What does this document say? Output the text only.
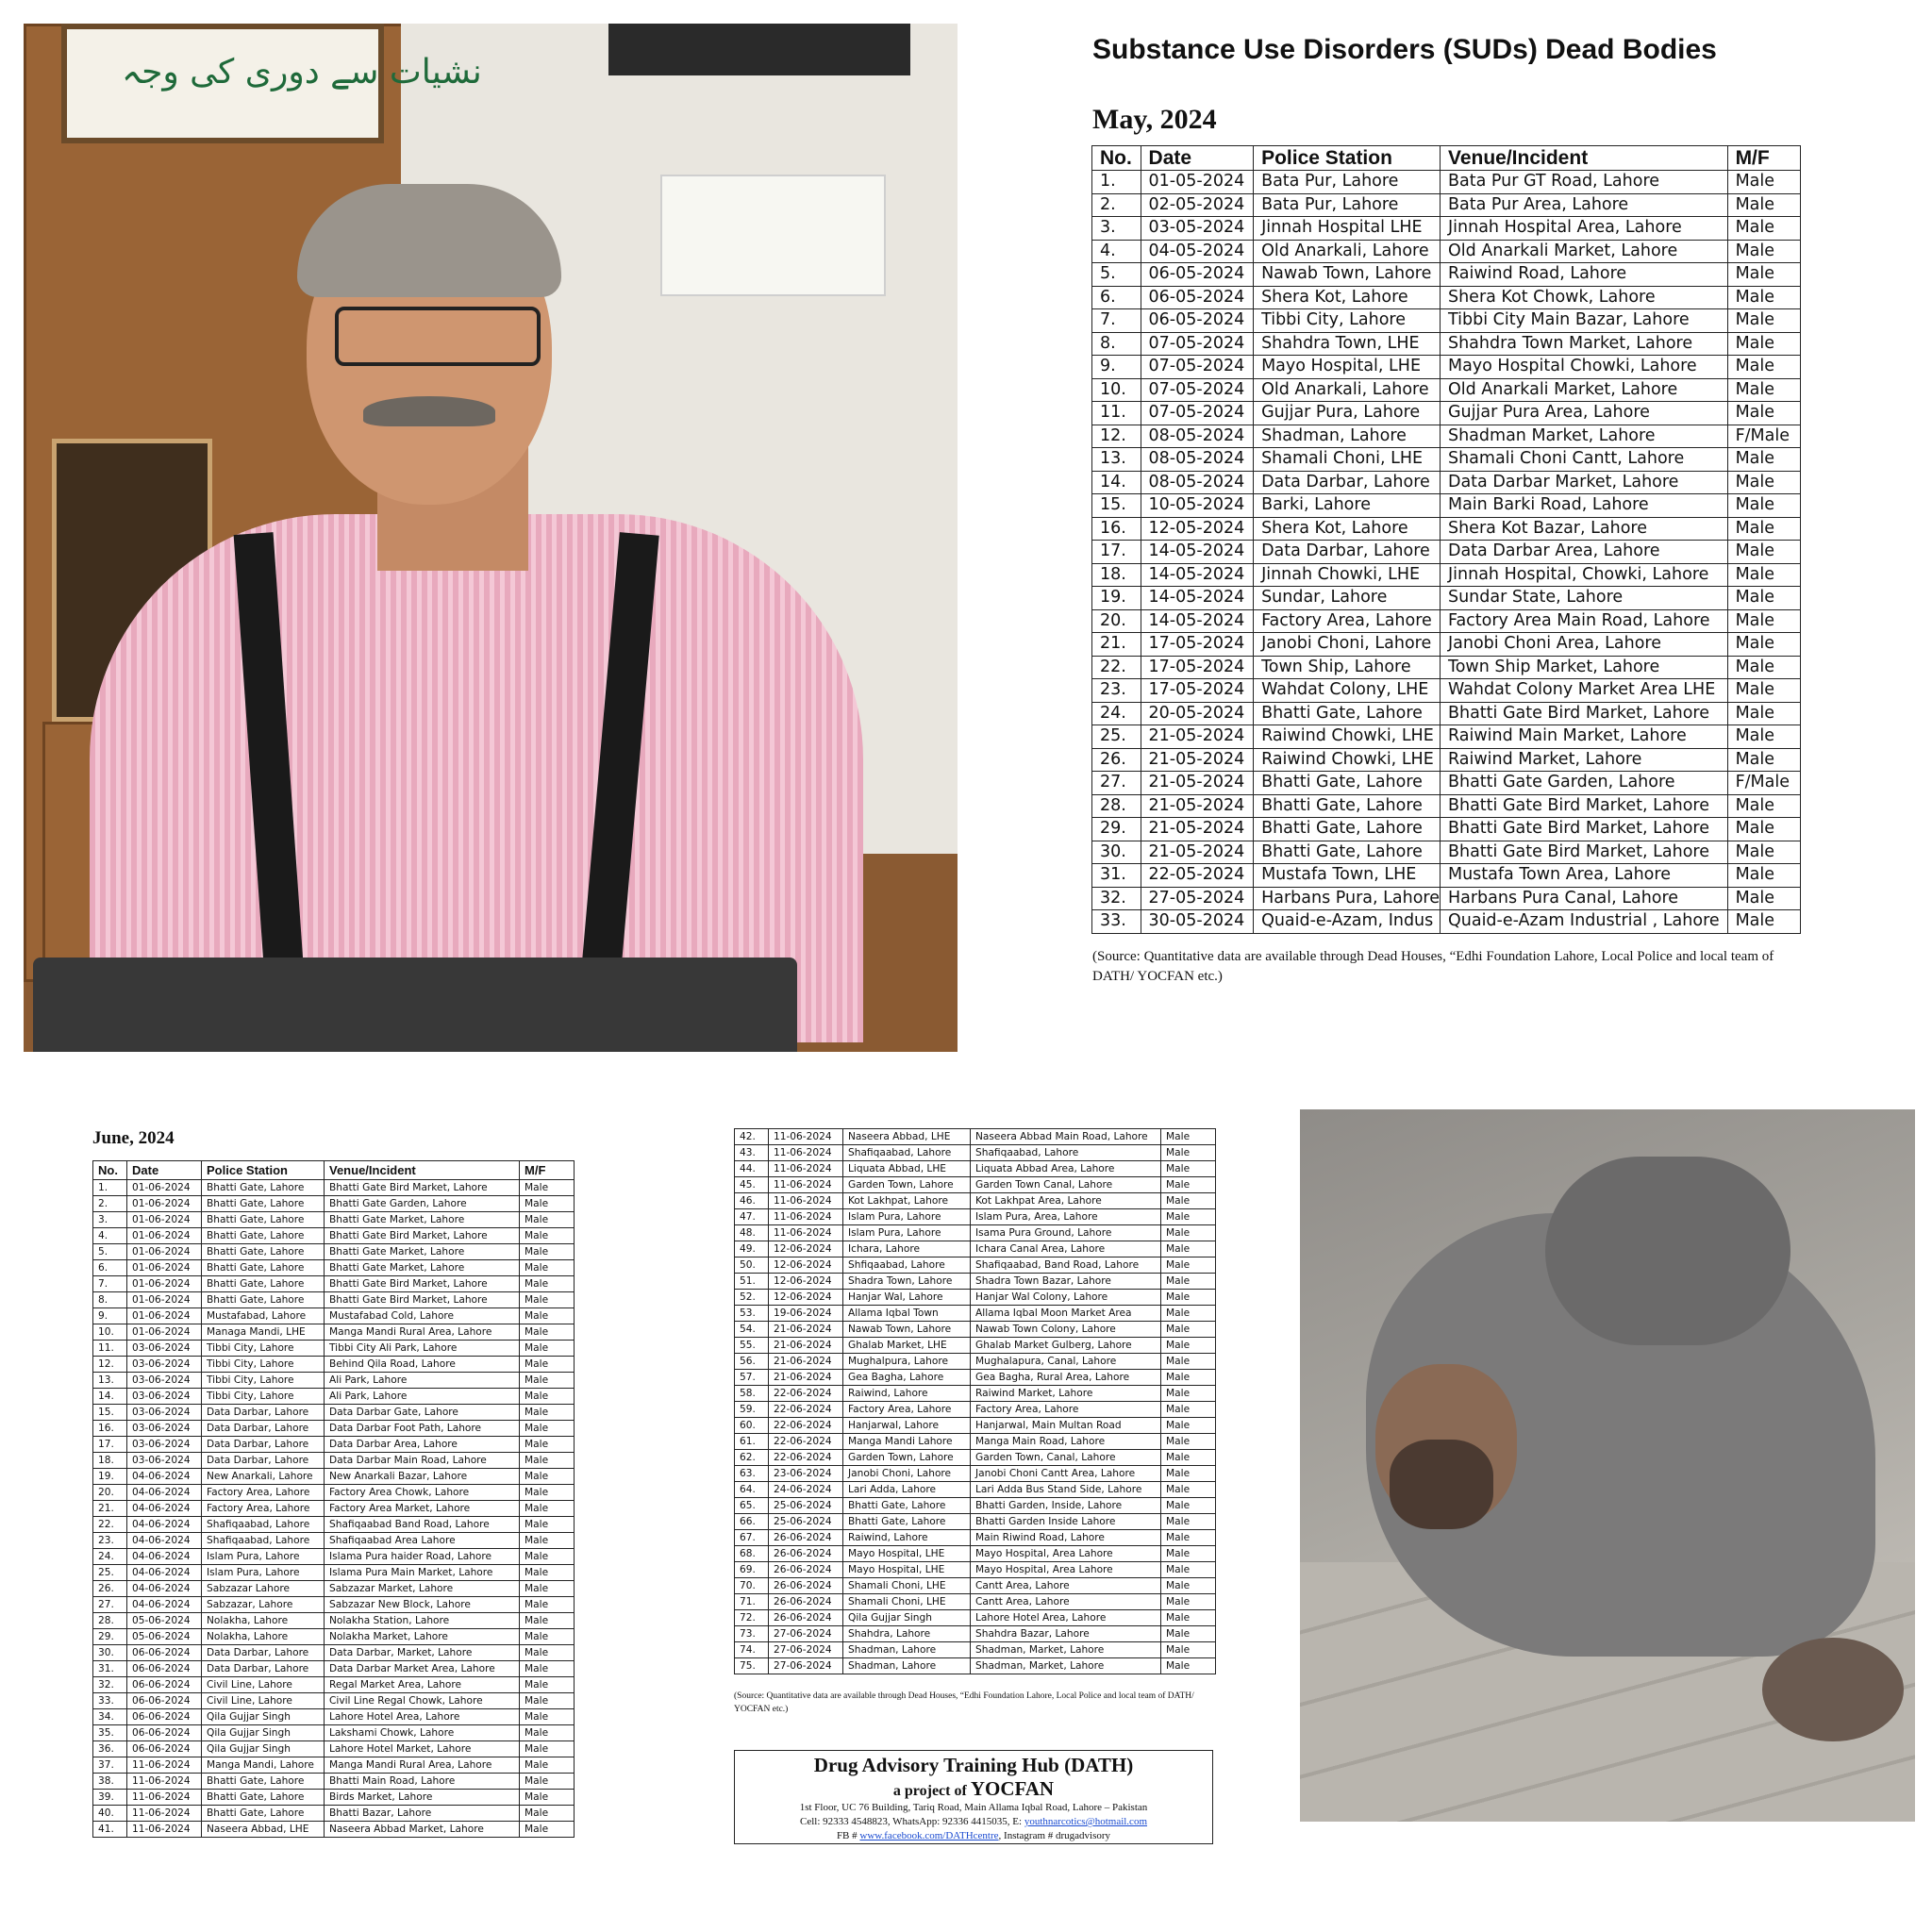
نشیات سے دوری کی وجہ
Substance Use Disorders (SUDs) Dead Bodies
May, 2024
No.	Date	Police Station	Venue/Incident	M/F
1.	01-05-2024	Bata Pur, Lahore	Bata Pur GT Road, Lahore	Male
2.	02-05-2024	Bata Pur, Lahore	Bata Pur Area, Lahore	Male
3.	03-05-2024	Jinnah Hospital LHE	Jinnah Hospital Area, Lahore	Male
4.	04-05-2024	Old Anarkali, Lahore	Old Anarkali Market, Lahore	Male
5.	06-05-2024	Nawab Town, Lahore	Raiwind Road, Lahore	Male
6.	06-05-2024	Shera Kot, Lahore	Shera Kot Chowk, Lahore	Male
7.	06-05-2024	Tibbi City, Lahore	Tibbi City Main Bazar, Lahore	Male
8.	07-05-2024	Shahdra Town, LHE	Shahdra Town Market, Lahore	Male
9.	07-05-2024	Mayo Hospital, LHE	Mayo Hospital Chowki, Lahore	Male
10.	07-05-2024	Old Anarkali, Lahore	Old Anarkali Market, Lahore	Male
11.	07-05-2024	Gujjar Pura, Lahore	Gujjar Pura Area, Lahore	Male
12.	08-05-2024	Shadman, Lahore	Shadman Market, Lahore	F/Male
13.	08-05-2024	Shamali Choni, LHE	Shamali Choni Cantt, Lahore	Male
14.	08-05-2024	Data Darbar, Lahore	Data Darbar Market, Lahore	Male
15.	10-05-2024	Barki, Lahore	Main Barki Road, Lahore	Male
16.	12-05-2024	Shera Kot, Lahore	Shera Kot Bazar, Lahore	Male
17.	14-05-2024	Data Darbar, Lahore	Data Darbar Area, Lahore	Male
18.	14-05-2024	Jinnah Chowki, LHE	Jinnah Hospital, Chowki, Lahore	Male
19.	14-05-2024	Sundar, Lahore	Sundar State, Lahore	Male
20.	14-05-2024	Factory Area, Lahore	Factory Area Main Road, Lahore	Male
21.	17-05-2024	Janobi Choni, Lahore	Janobi Choni Area, Lahore	Male
22.	17-05-2024	Town Ship, Lahore	Town Ship Market, Lahore	Male
23.	17-05-2024	Wahdat Colony, LHE	Wahdat Colony Market Area LHE	Male
24.	20-05-2024	Bhatti Gate, Lahore	Bhatti Gate Bird Market, Lahore	Male
25.	21-05-2024	Raiwind Chowki, LHE	Raiwind Main Market, Lahore	Male
26.	21-05-2024	Raiwind Chowki, LHE	Raiwind Market, Lahore	Male
27.	21-05-2024	Bhatti Gate, Lahore	Bhatti Gate Garden, Lahore	F/Male
28.	21-05-2024	Bhatti Gate, Lahore	Bhatti Gate Bird Market, Lahore	Male
29.	21-05-2024	Bhatti Gate, Lahore	Bhatti Gate Bird Market, Lahore	Male
30.	21-05-2024	Bhatti Gate, Lahore	Bhatti Gate Bird Market, Lahore	Male
31.	22-05-2024	Mustafa Town, LHE	Mustafa Town Area, Lahore	Male
32.	27-05-2024	Harbans Pura, Lahore	Harbans Pura Canal, Lahore	Male
33.	30-05-2024	Quaid-e-Azam, Indus	Quaid-e-Azam Industrial , Lahore	Male
(Source: Quantitative data are available through Dead Houses, “Edhi Foundation Lahore, Local Police and local team of DATH/ YOCFAN etc.)
June, 2024
No.	Date	Police Station	Venue/Incident	M/F
1.	01-06-2024	Bhatti Gate, Lahore	Bhatti Gate Bird Market, Lahore	Male
2.	01-06-2024	Bhatti Gate, Lahore	Bhatti Gate Garden, Lahore	Male
3.	01-06-2024	Bhatti Gate, Lahore	Bhatti Gate Market, Lahore	Male
4.	01-06-2024	Bhatti Gate, Lahore	Bhatti Gate Bird Market, Lahore	Male
5.	01-06-2024	Bhatti Gate, Lahore	Bhatti Gate Market, Lahore	Male
6.	01-06-2024	Bhatti Gate, Lahore	Bhatti Gate Market, Lahore	Male
7.	01-06-2024	Bhatti Gate, Lahore	Bhatti Gate Bird Market, Lahore	Male
8.	01-06-2024	Bhatti Gate, Lahore	Bhatti Gate Bird Market, Lahore	Male
9.	01-06-2024	Mustafabad, Lahore	Mustafabad Cold, Lahore	Male
10.	01-06-2024	Managa Mandi, LHE	Manga Mandi Rural Area, Lahore	Male
11.	03-06-2024	Tibbi City, Lahore	Tibbi City Ali Park, Lahore	Male
12.	03-06-2024	Tibbi City, Lahore	Behind Qila Road, Lahore	Male
13.	03-06-2024	Tibbi City, Lahore	Ali Park, Lahore	Male
14.	03-06-2024	Tibbi City, Lahore	Ali Park, Lahore	Male
15.	03-06-2024	Data Darbar, Lahore	Data Darbar Gate, Lahore	Male
16.	03-06-2024	Data Darbar, Lahore	Data Darbar Foot Path, Lahore	Male
17.	03-06-2024	Data Darbar, Lahore	Data Darbar Area, Lahore	Male
18.	03-06-2024	Data Darbar, Lahore	Data Darbar Main Road, Lahore	Male
19.	04-06-2024	New Anarkali, Lahore	New Anarkali Bazar, Lahore	Male
20.	04-06-2024	Factory Area, Lahore	Factory Area Chowk, Lahore	Male
21.	04-06-2024	Factory Area, Lahore	Factory Area Market, Lahore	Male
22.	04-06-2024	Shafiqaabad, Lahore	Shafiqaabad Band Road, Lahore	Male
23.	04-06-2024	Shafiqaabad, Lahore	Shafiqaabad Area Lahore	Male
24.	04-06-2024	Islam Pura, Lahore	Islama Pura haider Road, Lahore	Male
25.	04-06-2024	Islam Pura, Lahore	Islama Pura Main Market, Lahore	Male
26.	04-06-2024	Sabzazar Lahore	Sabzazar Market, Lahore	Male
27.	04-06-2024	Sabzazar, Lahore	Sabzazar New Block, Lahore	Male
28.	05-06-2024	Nolakha, Lahore	Nolakha Station, Lahore	Male
29.	05-06-2024	Nolakha, Lahore	Nolakha Market, Lahore	Male
30.	06-06-2024	Data Darbar, Lahore	Data Darbar, Market, Lahore	Male
31.	06-06-2024	Data Darbar, Lahore	Data Darbar Market Area, Lahore	Male
32.	06-06-2024	Civil Line, Lahore	Regal Market Area, Lahore	Male
33.	06-06-2024	Civil Line, Lahore	Civil Line Regal Chowk, Lahore	Male
34.	06-06-2024	Qila Gujjar Singh	Lahore Hotel Area, Lahore	Male
35.	06-06-2024	Qila Gujjar Singh	Lakshami Chowk, Lahore	Male
36.	06-06-2024	Qila Gujjar Singh	Lahore Hotel Market, Lahore	Male
37.	11-06-2024	Manga Mandi, Lahore	Manga Mandi Rural Area, Lahore	Male
38.	11-06-2024	Bhatti Gate, Lahore	Bhatti Main Road, Lahore	Male
39.	11-06-2024	Bhatti Gate, Lahore	Birds Market, Lahore	Male
40.	11-06-2024	Bhatti Gate, Lahore	Bhatti Bazar, Lahore	Male
41.	11-06-2024	Naseera Abbad, LHE	Naseera Abbad Market, Lahore	Male
42.	11-06-2024	Naseera Abbad, LHE	Naseera Abbad Main Road, Lahore	Male
43.	11-06-2024	Shafiqaabad, Lahore	Shafiqaabad, Lahore	Male
44.	11-06-2024	Liquata Abbad, LHE	Liquata Abbad Area, Lahore	Male
45.	11-06-2024	Garden Town, Lahore	Garden Town Canal, Lahore	Male
46.	11-06-2024	Kot Lakhpat, Lahore	Kot Lakhpat Area, Lahore	Male
47.	11-06-2024	Islam Pura, Lahore	Islam Pura, Area, Lahore	Male
48.	11-06-2024	Islam Pura, Lahore	Isama Pura Ground, Lahore	Male
49.	12-06-2024	Ichara, Lahore	Ichara Canal Area, Lahore	Male
50.	12-06-2024	Shfiqaabad, Lahore	Shafiqaabad, Band Road, Lahore	Male
51.	12-06-2024	Shadra Town, Lahore	Shadra Town Bazar, Lahore	Male
52.	12-06-2024	Hanjar Wal, Lahore	Hanjar Wal Colony, Lahore	Male
53.	19-06-2024	Allama Iqbal Town	Allama Iqbal Moon Market Area	Male
54.	21-06-2024	Nawab Town, Lahore	Nawab Town Colony, Lahore	Male
55.	21-06-2024	Ghalab Market, LHE	Ghalab Market Gulberg, Lahore	Male
56.	21-06-2024	Mughalpura, Lahore	Mughalapura, Canal, Lahore	Male
57.	21-06-2024	Gea Bagha, Lahore	Gea Bagha, Rural Area, Lahore	Male
58.	22-06-2024	Raiwind, Lahore	Raiwind Market, Lahore	Male
59.	22-06-2024	Factory Area, Lahore	Factory Area, Lahore	Male
60.	22-06-2024	Hanjarwal, Lahore	Hanjarwal, Main Multan Road	Male
61.	22-06-2024	Manga Mandi Lahore	Manga Main Road, Lahore	Male
62.	22-06-2024	Garden Town, Lahore	Garden Town, Canal, Lahore	Male
63.	23-06-2024	Janobi Choni, Lahore	Janobi Choni Cantt Area, Lahore	Male
64.	24-06-2024	Lari Adda, Lahore	Lari Adda Bus Stand Side, Lahore	Male
65.	25-06-2024	Bhatti Gate, Lahore	Bhatti Garden, Inside, Lahore	Male
66.	25-06-2024	Bhatti Gate, Lahore	Bhatti Garden Inside Lahore	Male
67.	26-06-2024	Raiwind, Lahore	Main Riwind Road, Lahore	Male
68.	26-06-2024	Mayo Hospital, LHE	Mayo Hospital, Area Lahore	Male
69.	26-06-2024	Mayo Hospital, LHE	Mayo Hospital, Area Lahore	Male
70.	26-06-2024	Shamali Choni, LHE	Cantt Area, Lahore	Male
71.	26-06-2024	Shamali Choni, LHE	Cantt Area, Lahore	Male
72.	26-06-2024	Qila Gujjar Singh	Lahore Hotel Area, Lahore	Male
73.	27-06-2024	Shahdra, Lahore	Shahdra Bazar, Lahore	Male
74.	27-06-2024	Shadman, Lahore	Shadman, Market, Lahore	Male
75.	27-06-2024	Shadman, Lahore	Shadman, Market, Lahore	Male
(Source: Quantitative data are available through Dead Houses, “Edhi Foundation Lahore, Local Police and local team of DATH/ YOCFAN etc.)
Drug Advisory Training Hub (DATH)
a project of YOCFAN
1st Floor, UC 76 Building, Tariq Road, Main Allama Iqbal Road, Lahore – Pakistan
Cell: 92333 4548823, WhatsApp: 92336 4415035, E: youthnarcotics@hotmail.com
FB # www.facebook.com/DATHcentre, Instagram # drugadvisory
